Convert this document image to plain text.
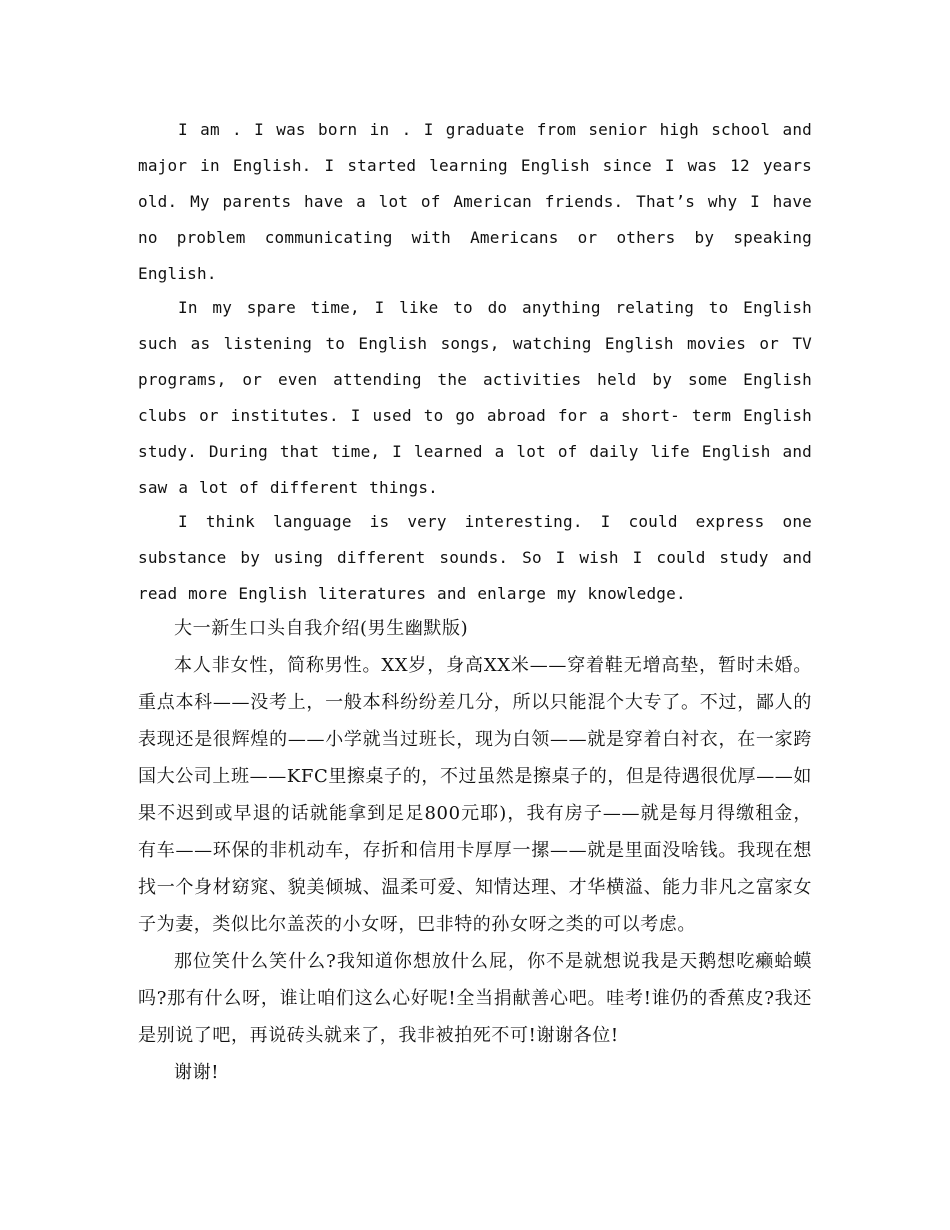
I am . I was born in . I graduate from senior high school and major in English. I started learning English since I was 12 years old. My parents have a lot of American friends. That’s why I have no problem communicating with Americans or others by speaking English.

In my spare time, I like to do anything relating to English such as listening to English songs, watching English movies or TV programs, or even attending the activities held by some English clubs or institutes. I used to go abroad for a short- term English study. During that time, I learned a lot of daily life English and saw a lot of different things.

I think language is very interesting. I could express one substance by using different sounds. So I wish I could study and read more English literatures and enlarge my knowledge.

大一新生口头自我介绍(男生幽默版)

本人非女性，简称男性。XX岁，身高XX米——穿着鞋无增高垫，暂时未婚。重点本科——没考上，一般本科纷纷差几分，所以只能混个大专了。不过，鄙人的表现还是很辉煌的——小学就当过班长，现为白领——就是穿着白衬衣，在一家跨国大公司上班——KFC里擦桌子的，不过虽然是擦桌子的，但是待遇很优厚——如果不迟到或早退的话就能拿到足足800元耶)，我有房子——就是每月得缴租金，有车——环保的非机动车，存折和信用卡厚厚一摞——就是里面没啥钱。我现在想找一个身材窈窕、貌美倾城、温柔可爱、知情达理、才华横溢、能力非凡之富家女子为妻，类似比尔盖茨的小女呀，巴非特的孙女呀之类的可以考虑。

那位笑什么笑什么?我知道你想放什么屁，你不是就想说我是天鹅想吃癞蛤蟆吗?那有什么呀，谁让咱们这么心好呢!全当捐献善心吧。哇考!谁仍的香蕉皮?我还是别说了吧，再说砖头就来了，我非被拍死不可!谢谢各位!

谢谢!
